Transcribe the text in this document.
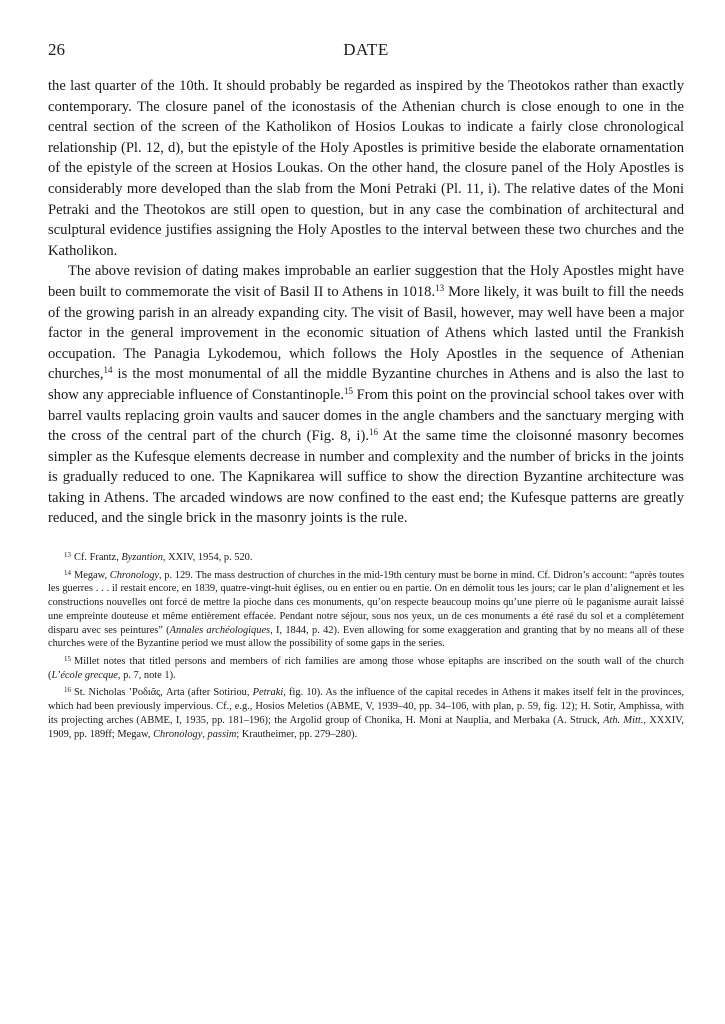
26	DATE

the last quarter of the 10th. It should probably be regarded as inspired by the Theotokos rather than exactly contemporary. The closure panel of the iconostasis of the Athenian church is close enough to one in the central section of the screen of the Katholikon of Hosios Loukas to indicate a fairly close chronological relationship (Pl. 12, d), but the epistyle of the Holy Apostles is primitive beside the elaborate ornamentation of the epistyle of the screen at Hosios Loukas. On the other hand, the closure panel of the Holy Apostles is considerably more developed than the slab from the Moni Petraki (Pl. 11, i). The relative dates of the Moni Petraki and the Theotokos are still open to question, but in any case the combination of architectural and sculptural evidence justifies assigning the Holy Apostles to the interval between these two churches and the Katholikon.

The above revision of dating makes improbable an earlier suggestion that the Holy Apostles might have been built to commemorate the visit of Basil II to Athens in 1018.13 More likely, it was built to fill the needs of the growing parish in an already expanding city. The visit of Basil, however, may well have been a major factor in the general improvement in the economic situation of Athens which lasted until the Frankish occupation. The Panagia Lykodemou, which follows the Holy Apostles in the sequence of Athenian churches,$^{14}$ is the most monumental of all the middle Byzantine churches in Athens and is also the last to show any appreciable influence of Constantinople.$^{15}$ From this point on the provincial school takes over with barrel vaults replacing groin vaults and saucer domes in the angle chambers and the sanctuary merging with the cross of the central part of the church (Fig. 8, i).$^{16}$ At the same time the cloisonné masonry becomes simpler as the Kufesque elements decrease in number and complexity and the number of bricks in the joints is gradually reduced to one. The Kapnikarea will suffice to show the direction Byzantine architecture was taking in Athens. The arcaded windows are now confined to the east end; the Kufesque patterns are greatly reduced, and the single brick in the masonry joints is the rule.

$^{13}$ Cf. Frantz, Byzantion, XXIV, 1954, p. 520.

$^{14}$ Megaw, Chronology, p. 129. The mass destruction of churches in the mid-19th century must be borne in mind. Cf. Didron’s account: “après toutes les guerres . . . il restait encore, en 1839, quatre-vingt-huit églises, ou en entier ou en partie. On en démolit tous les jours; car le plan d’alignement et les constructions nouvelles ont forcé de mettre la pioche dans ces monuments, qu’on respecte beaucoup moins qu’une pierre où le paganisme aurait laissé une empreinte douteuse et même entièrement effacée. Pendant notre séjour, sous nos yeux, un de ces monuments a été rasé du sol et a complètement disparu avec ses peintures” (Annales archéologiques, I, 1844, p. 42). Even allowing for some exaggeration and granting that by no means all of these churches were of the Byzantine period we must allow the possibility of some gaps in the series.

$^{15}$ Millet notes that titled persons and members of rich families are among those whose epitaphs are inscribed on the south wall of the church (L’école grecque, p. 7, note 1).

$^{16}$ St. Nicholas ’Ροδιᾶς, Arta (after Sotiriou, Petraki, fig. 10). As the influence of the capital recedes in Athens it makes itself felt in the provinces, which had been previously impervious. Cf., e.g., Hosios Meletios (ABME, V, 1939–40, pp. 34–106, with plan, p. 59, fig. 12); H. Sotir, Amphissa, with its projecting arches (ABME, I, 1935, pp. 181–196); the Argolid group of Chonika, H. Moni at Nauplia, and Merbaka (A. Struck, Ath. Mitt., XXXIV, 1909, pp. 189ff; Megaw, Chronology, passim; Krautheimer, pp. 279–280).
